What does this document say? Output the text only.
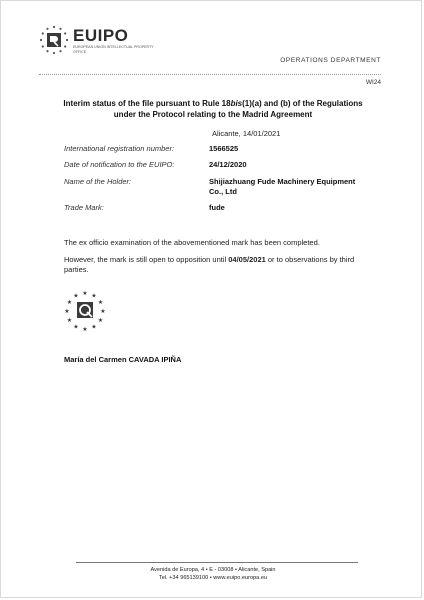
EUIPO
EUROPEAN UNION INTELLECTUAL PROPERTY OFFICE
OPERATIONS DEPARTMENT
WI24
Interim status of the file pursuant to Rule 18bis(1)(a) and (b) of the Regulations
under the Protocol relating to the Madrid Agreement
Alicante, 14/01/2021
International registration number:	1566525
Date of notification to the EUIPO:	24/12/2020
Name of the Holder:	Shijiazhuang Fude Machinery Equipment Co., Ltd
Trade Mark:	fude
The ex officio examination of the abovementioned mark has been completed.
However, the mark is still open to opposition until 04/05/2021 or to observations by third parties.
★ ★
★
★
★
★
★
★
★
★
★
★
María del Carmen CAVADA IPIÑA
Avenida de Europa, 4 • E - 03008 • Alicante, Spain
Tel. +34 965139100 • www.euipo.europa.eu
